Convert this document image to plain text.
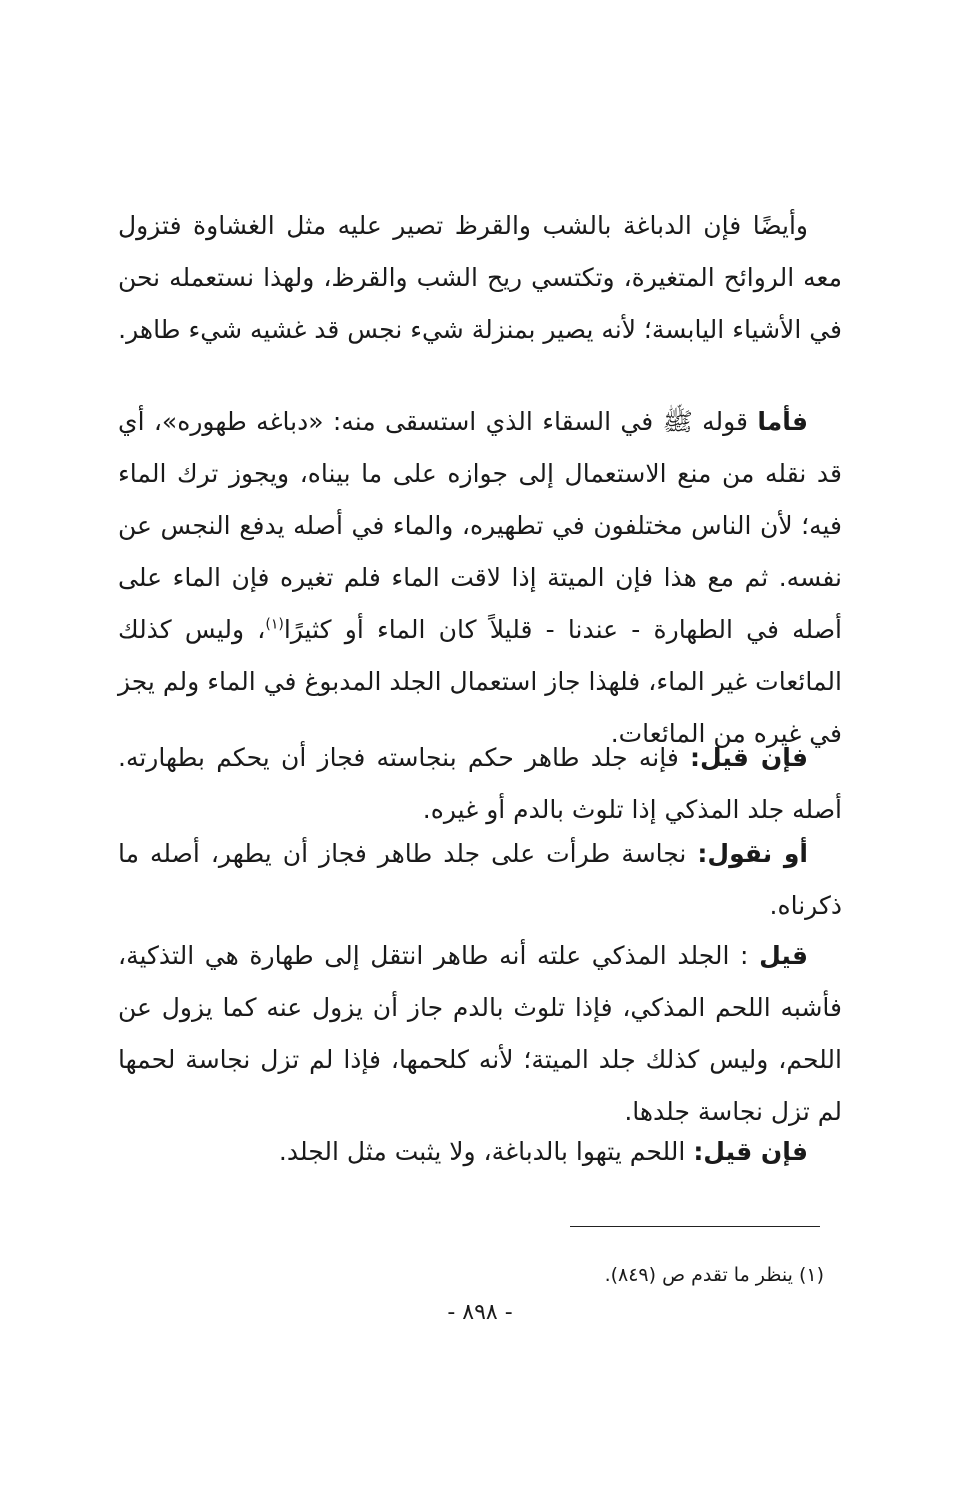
وأيضًا فإن الدباغة بالشب والقرظ تصير عليه مثل الغشاوة فتزول معه الروائح المتغيرة، وتكتسي ريح الشب والقرظ، ولهذا نستعمله نحن في الأشياء اليابسة؛ لأنه يصير بمنزلة شيء نجس قد غشيه شيء طاهر.

فأما قوله ﷺ في السقاء الذي استسقى منه: «دباغه طهوره»، أي قد نقله من منع الاستعمال إلى جوازه على ما بيناه، ويجوز ترك الماء فيه؛ لأن الناس مختلفون في تطهيره، والماء في أصله يدفع النجس عن نفسه. ثم مع هذا فإن الميتة إذا لاقت الماء فلم تغيره فإن الماء على أصله في الطهارة - عندنا - قليلاً كان الماء أو كثيرًا$^{(١)}$، وليس كذلك المائعات غير الماء، فلهذا جاز استعمال الجلد المدبوغ في الماء ولم يجز في غيره من المائعات.

فإن قيل: فإنه جلد طاهر حكم بنجاسته فجاز أن يحكم بطهارته. أصله جلد المذكي إذا تلوث بالدم أو غيره.

أو نقول: نجاسة طرأت على جلد طاهر فجاز أن يطهر، أصله ما ذكرناه.

قيل : الجلد المذكي علته أنه طاهر انتقل إلى طهارة هي التذكية، فأشبه اللحم المذكي، فإذا تلوث بالدم جاز أن يزول عنه كما يزول عن اللحم، وليس كذلك جلد الميتة؛ لأنه كلحمها، فإذا لم تزل نجاسة لحمها لم تزل نجاسة جلدها.

فإن قيل: اللحم يتهوا بالدباغة، ولا يثبت مثل الجلد.

(١) ينظر ما تقدم ص (٨٤٩).
- ٨٩٨ -
